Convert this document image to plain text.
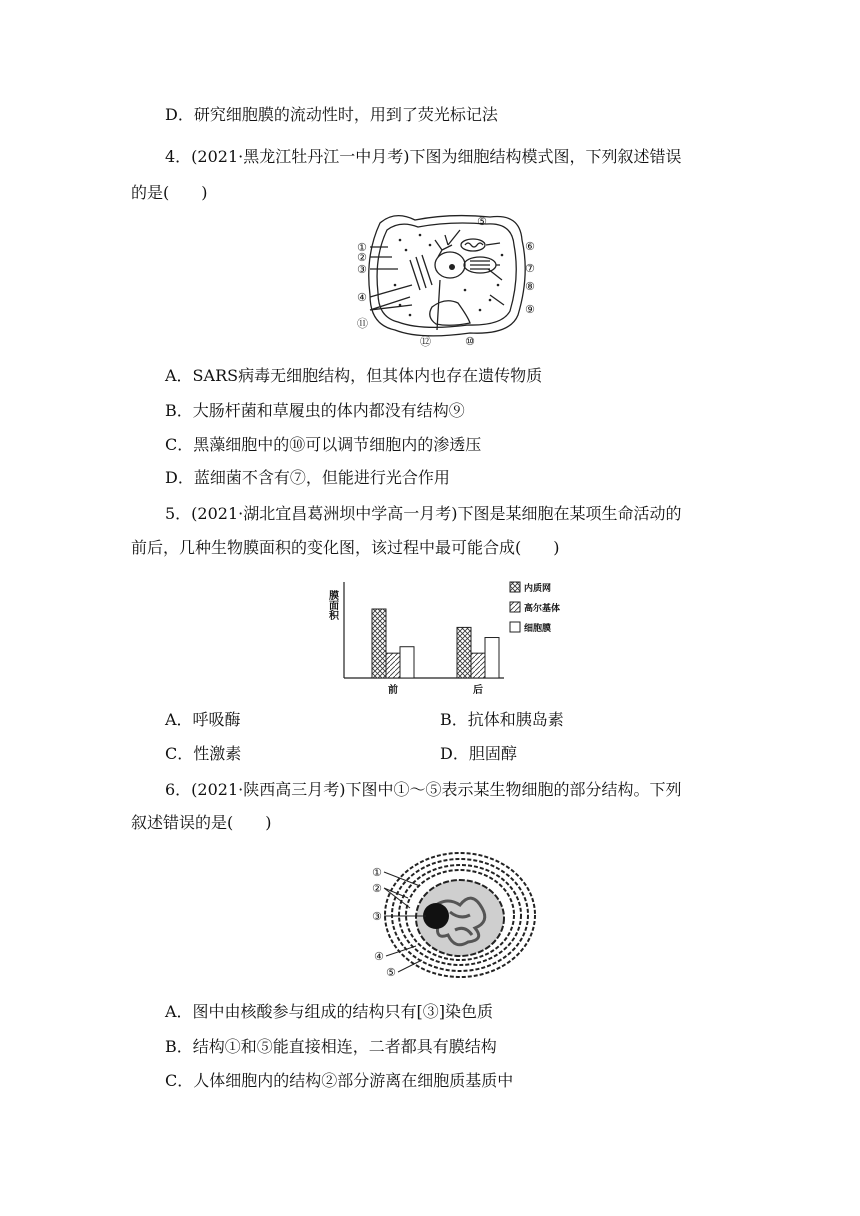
D．研究细胞膜的流动性时，用到了荧光标记法
4．(2021·黑龙江牡丹江一中月考)下图为细胞结构模式图，下列叙述错误
的是(　　)
①
②
③
④
⑤
⑥
⑦
⑧
⑨
⑩
⑪
⑫
A．SARS病毒无细胞结构，但其体内也存在遗传物质
B．大肠杆菌和草履虫的体内都没有结构⑨
C．黑藻细胞中的⑩可以调节细胞内的渗透压
D．蓝细菌不含有⑦，但能进行光合作用
5．(2021·湖北宜昌葛洲坝中学高一月考)下图是某细胞在某项生命活动的
前后，几种生物膜面积的变化图，该过程中最可能合成(　　)
膜面积
前	后
内质网
高尔基体
细胞膜
A．呼吸酶	B．抗体和胰岛素
C．性激素	D．胆固醇
6．(2021·陕西高三月考)下图中①～⑤表示某生物细胞的部分结构。下列
叙述错误的是(　　)
①
②
③
④
⑤
A．图中由核酸参与组成的结构只有[③]染色质
B．结构①和⑤能直接相连，二者都具有膜结构
C．人体细胞内的结构②部分游离在细胞质基质中
